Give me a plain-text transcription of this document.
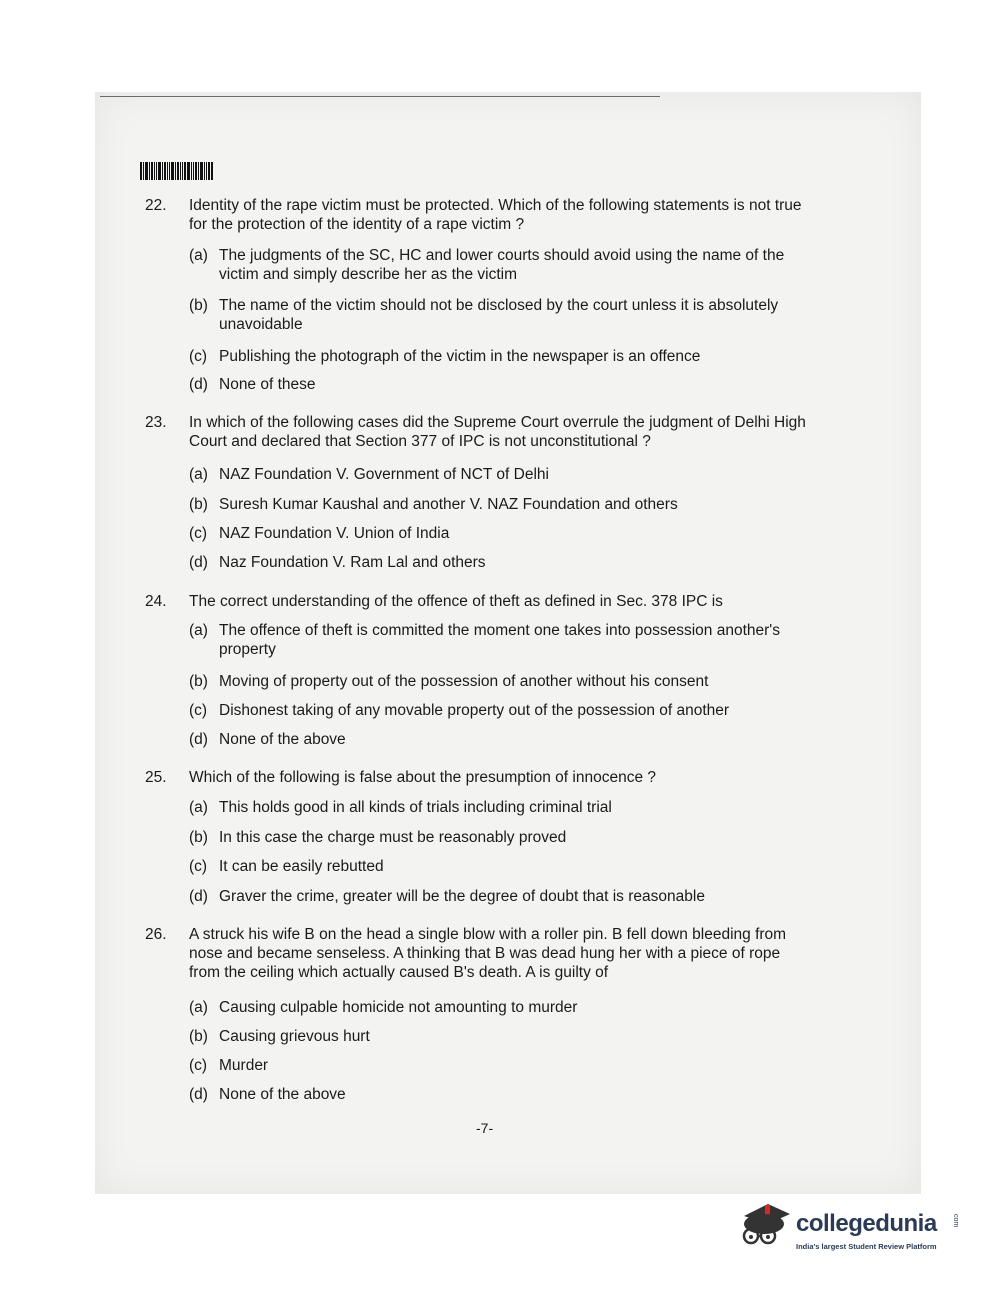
22. Identity of the rape victim must be protected. Which of the following statements is not true for the protection of the identity of a rape victim ?
(a) The judgments of the SC, HC and lower courts should avoid using the name of the victim and simply describe her as the victim
(b) The name of the victim should not be disclosed by the court unless it is absolutely unavoidable
(c) Publishing the photograph of the victim in the newspaper is an offence
(d) None of these
23. In which of the following cases did the Supreme Court overrule the judgment of Delhi High Court and declared that Section 377 of IPC is not unconstitutional ?
(a) NAZ Foundation V. Government of NCT of Delhi
(b) Suresh Kumar Kaushal and another V. NAZ Foundation and others
(c) NAZ Foundation V. Union of India
(d) Naz Foundation V. Ram Lal and others
24. The correct understanding of the offence of theft as defined in Sec. 378 IPC is
(a) The offence of theft is committed the moment one takes into possession another's property
(b) Moving of property out of the possession of another without his consent
(c) Dishonest taking of any movable property out of the possession of another
(d) None of the above
25. Which of the following is false about the presumption of innocence ?
(a) This holds good in all kinds of trials including criminal trial
(b) In this case the charge must be reasonably proved
(c) It can be easily rebutted
(d) Graver the crime, greater will be the degree of doubt that is reasonable
26. A struck his wife B on the head a single blow with a roller pin. B fell down bleeding from nose and became senseless. A thinking that B was dead hung her with a piece of rope from the ceiling which actually caused B's death. A is guilty of
(a) Causing culpable homicide not amounting to murder
(b) Causing grievous hurt
(c) Murder
(d) None of the above
-7-
collegedunia com
India's largest Student Review Platform
